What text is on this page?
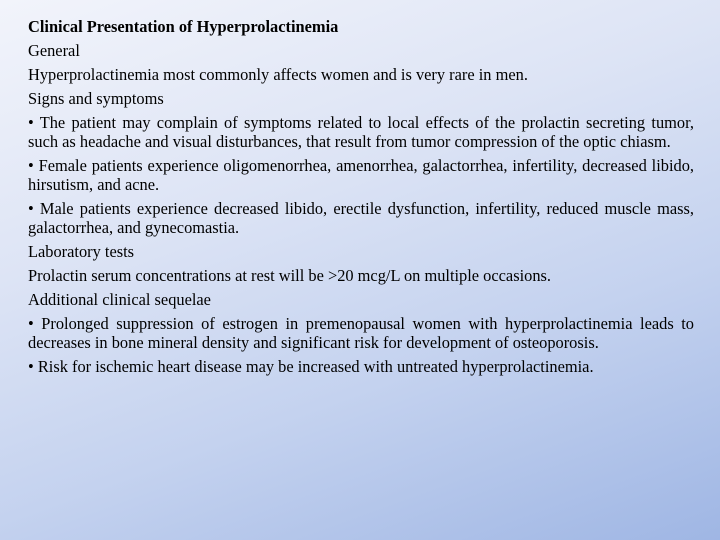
Clinical Presentation of Hyperprolactinemia
General
Hyperprolactinemia most commonly affects women and is very rare in men.
Signs and symptoms
• The patient may complain of symptoms related to local effects of the prolactin secreting tumor, such as headache and visual disturbances, that result from tumor compression of the optic chiasm.
• Female patients experience oligomenorrhea, amenorrhea, galactorrhea, infertility, decreased libido, hirsutism, and acne.
• Male patients experience decreased libido, erectile dysfunction, infertility, reduced muscle mass, galactorrhea, and gynecomastia.
Laboratory tests
Prolactin serum concentrations at rest will be >20 mcg/L on multiple occasions.
Additional clinical sequelae
• Prolonged suppression of estrogen in premenopausal women with hyperprolactinemia leads to decreases in bone mineral density and significant risk for development of osteoporosis.
• Risk for ischemic heart disease may be increased with untreated hyperprolactinemia.
